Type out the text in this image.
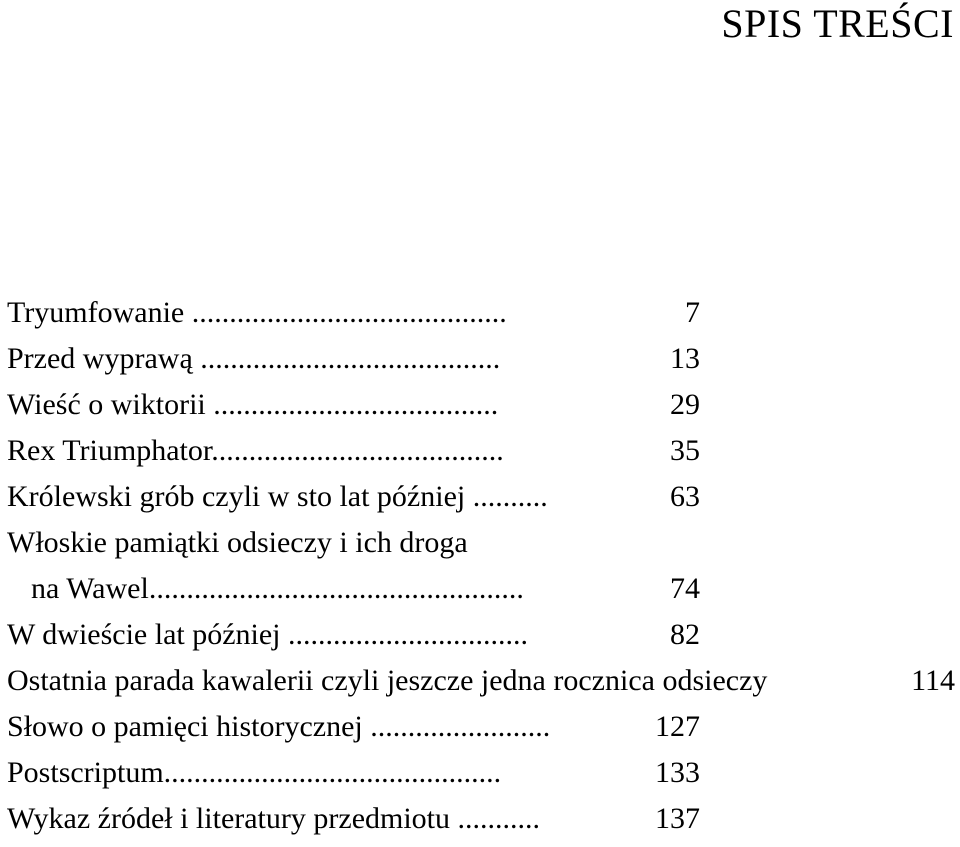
SPIS TREŚCI
Tryumfowanie ..........................................	7
Przed wyprawą ........................................	13
Wieść o wiktorii ......................................	29
Rex Triumphator.......................................	35
Królewski grób czyli w sto lat później ..........	63
Włoskie pamiątki odsieczy i ich droga
na Wawel..................................................	74
W dwieście lat później ................................	82
Ostatnia parada kawalerii czyli jeszcze jedna rocznica odsieczy	114
Słowo o pamięci historycznej ........................	127
Postscriptum.............................................	133
Wykaz źródeł i literatury przedmiotu ...........	137
